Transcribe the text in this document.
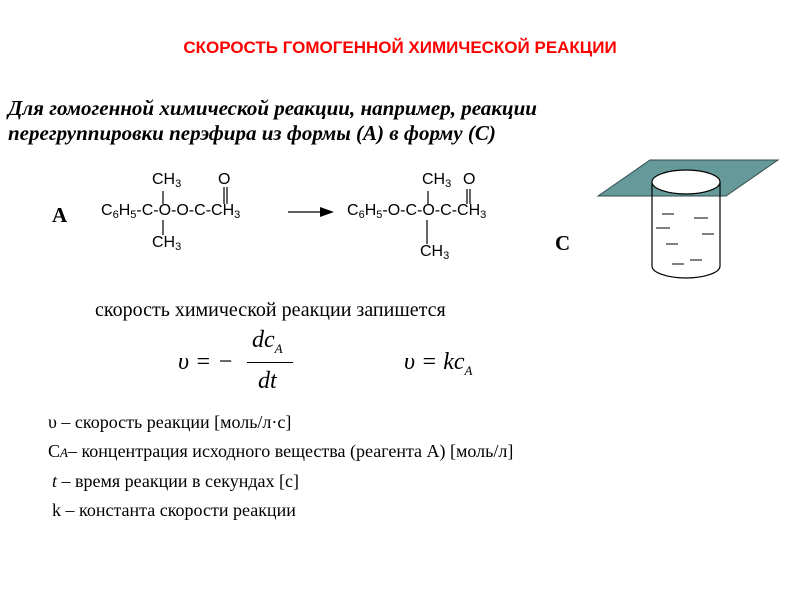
СКОРОСТЬ ГОМОГЕННОЙ ХИМИЧЕСКОЙ РЕАКЦИИ
Для гомогенной химической реакции, например, реакции
перегруппировки перэфира из формы (A) в форму (C)
A
$CH_3$ O
$C_6H_5-C-O-O-C-CH_3$
$CH_3$
$CH_3$ O
$C_6H_5-O-C-O-C-CH_3$
$CH_3$
C
скорость химической реакции запишется
υ = −
$dc_A$
dt
$\upsilon = kc_A$
υ – скорость реакции [моль/л·с]
CA– концентрация исходного вещества (реагента A) [моль/л]
t – время реакции в секундах [с]
k – константа скорости реакции
